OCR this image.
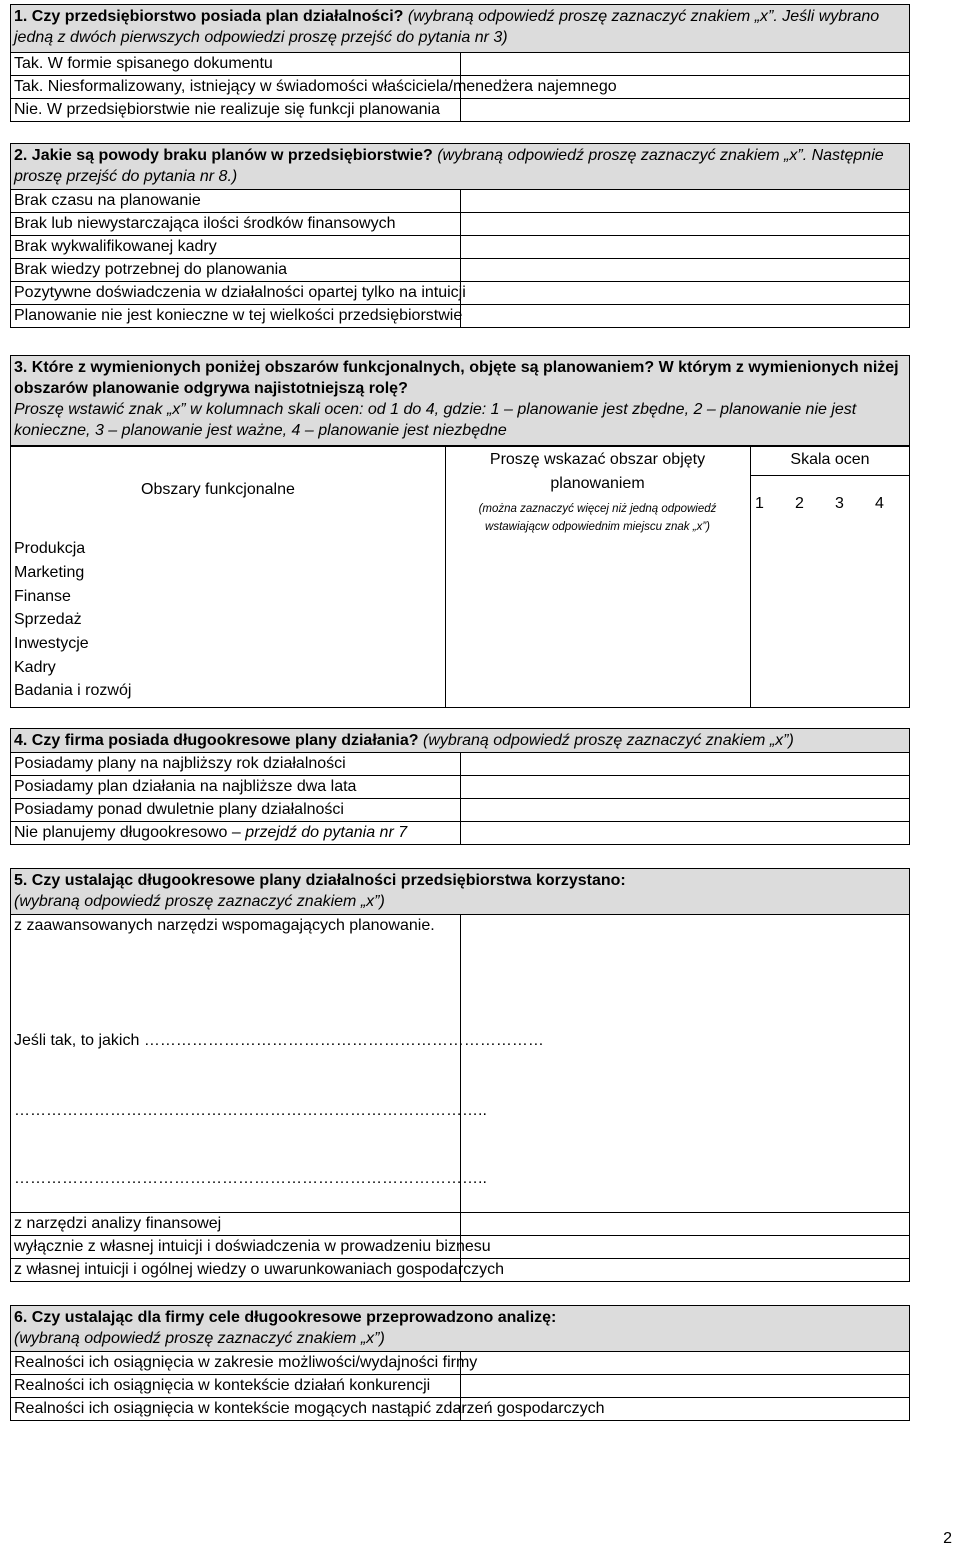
1. Czy przedsiębiorstwo posiada plan działalności? (wybraną odpowiedź proszę zaznaczyć znakiem „x”. Jeśli wybrano
jedną z dwóch pierwszych odpowiedzi proszę przejść do pytania nr 3)	
Tak. W formie spisanego dokumentu	
Tak. Niesformalizowany, istniejący w świadomości właściciela/menedżera najemnego	
Nie. W przedsiębiorstwie nie realizuje się funkcji planowania	
2. Jakie są powody braku planów w przedsiębiorstwie? (wybraną odpowiedź proszę zaznaczyć znakiem „x”. Następnie proszę przejść do pytania nr 8.)	
Brak czasu na planowanie	
Brak lub niewystarczająca ilości środków finansowych	
Brak wykwalifikowanej kadry	
Brak wiedzy potrzebnej do planowania	
Pozytywne doświadczenia w działalności opartej tylko na intuicji	
Planowanie nie jest konieczne w tej wielkości przedsiębiorstwie	
3. Które z wymienionych poniżej obszarów funkcjonalnych, objęte są planowaniem? W którym z wymienionych niżej obszarów planowanie odgrywa najistotniejszą rolę?
Proszę wstawić znak „x” w kolumnach skali ocen: od 1 do 4, gdzie: 1 – planowanie jest zbędne, 2 – planowanie nie jest konieczne, 3 – planowanie jest ważne, 4 – planowanie jest niezbędne
Obszary funkcjonalne
Proszę wskazać obszar objęty
planowaniem
(można zaznaczyć więcej niż jedną odpowiedź
wstawiającw odpowiednim miejscu znak „x”)
Skala ocen
1 2 3 4
Produkcja
Marketing
Finanse
Sprzedaż
Inwestycje
Kadry
Badania i rozwój
4. Czy firma posiada długookresowe plany działania? (wybraną odpowiedź proszę zaznaczyć znakiem „x”)	
Posiadamy plany na najbliższy rok działalności	
Posiadamy plan działania na najbliższe dwa lata	
Posiadamy ponad dwuletnie plany działalności	
Nie planujemy długookresowo – przejdź do pytania nr 7	
5. Czy ustalając długookresowe plany działalności przedsiębiorstwa korzystano:
(wybraną odpowiedź proszę zaznaczyć znakiem „x”)	

z zaawansowanych narzędzi wspomagających planowanie.
Jeśli tak, to jakich …………………………………………………………………
……………………………………………………………………………..
……………………………………………………………………………..	

z narzędzi analizy finansowej	
wyłącznie z własnej intuicji i doświadczenia w prowadzeniu biznesu	
z własnej intuicji i ogólnej wiedzy o uwarunkowaniach gospodarczych	
6. Czy ustalając dla firmy cele długookresowe przeprowadzono analizę:
(wybraną odpowiedź proszę zaznaczyć znakiem „x”)	
Realności ich osiągnięcia w zakresie możliwości/wydajności firmy	
Realności ich osiągnięcia w kontekście działań konkurencji	
Realności ich osiągnięcia w kontekście mogących nastąpić zdarzeń gospodarczych	
2
